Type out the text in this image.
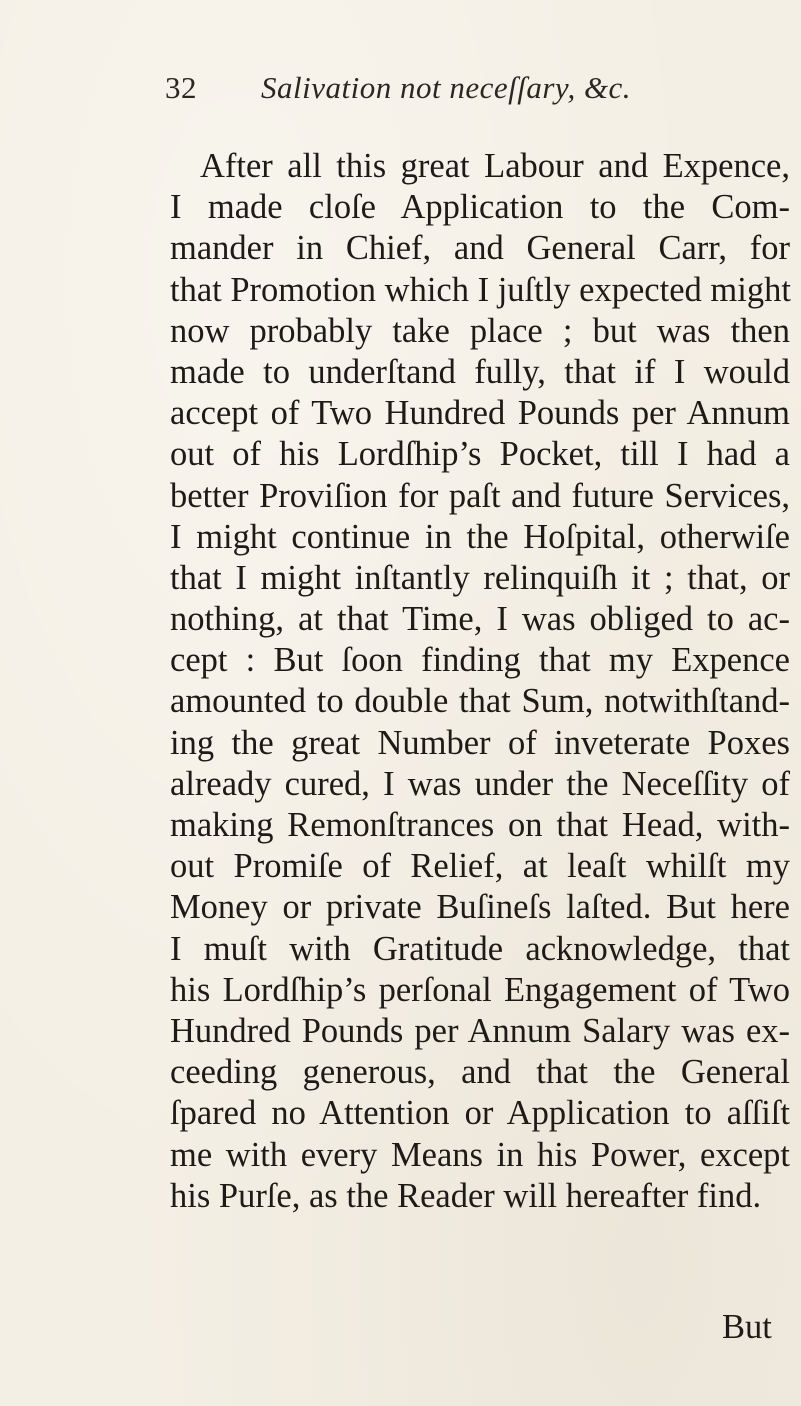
32 Salivation not neceſſary, &c.
After all this great Labour and Expence,
I made cloſe Application to the Com-
mander in Chief, and General Carr, for
that Promotion which I juſtly expected might
now probably take place ; but was then
made to underſtand fully, that if I would
accept of Two Hundred Pounds per Annum
out of his Lordſhip’s Pocket, till I had a
better Proviſion for paſt and future Services,
I might continue in the Hoſpital, otherwiſe
that I might inſtantly relinquiſh it ; that, or
nothing, at that Time, I was obliged to ac-
cept : But ſoon finding that my Expence
amounted to double that Sum, notwithſtand-
ing the great Number of inveterate Poxes
already cured, I was under the Neceſſity of
making Remonſtrances on that Head, with-
out Promiſe of Relief, at leaſt whilſt my
Money or private Buſineſs laſted. But here
I muſt with Gratitude acknowledge, that
his Lordſhip’s perſonal Engagement of Two
Hundred Pounds per Annum Salary was ex-
ceeding generous, and that the General
ſpared no Attention or Application to aſſiſt
me with every Means in his Power, except
his Purſe, as the Reader will hereafter find.
But
